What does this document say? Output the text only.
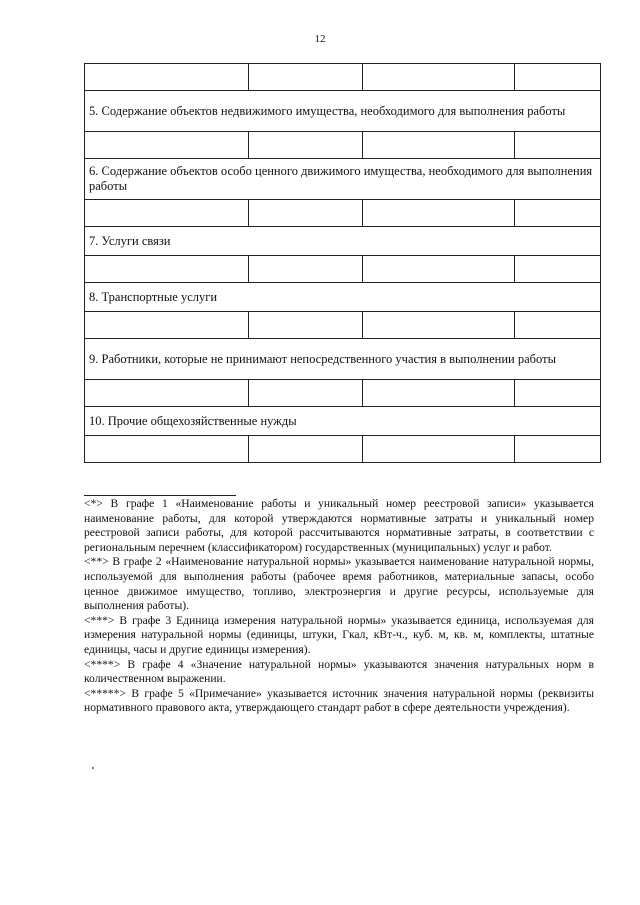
12

5. Содержание объектов недвижимого имущества, необходимого для выполнения работы			

6. Содержание объектов особо ценного движимого имущества, необходимого для выполнения работы			

7. Услуги связи			

8. Транспортные услуги			

9. Работники, которые не принимают непосредственного участия в выполнении работы			

10. Прочие общехозяйственные нужды			

<*> В графе 1 «Наименование работы и уникальный номер реестровой записи» указывается наименование работы, для которой утверждаются нормативные затраты и уникальный номер реестровой записи работы, для которой рассчитываются нормативные затраты, в соответствии с региональным перечнем (классификатором) государственных (муниципальных) услуг и работ.

<**> В графе 2 «Наименование натуральной нормы» указывается наименование натуральной нормы, используемой для выполнения работы (рабочее время работников, материальные запасы, особо ценное движимое имущество, топливо, электроэнергия и другие ресурсы, используемые для выполнения работы).

<***> В графе 3 Единица измерения натуральной нормы» указывается единица, используемая для измерения натуральной нормы (единицы, штуки, Гкал, кВт-ч., куб. м, кв. м, комплекты, штатные единицы, часы и другие единицы измерения).

<****> В графе 4 «Значение натуральной нормы» указываются значения натуральных норм в количественном выражении.

<*****> В графе 5 «Примечание» указывается источник значения натуральной нормы (реквизиты нормативного правового акта, утверждающего стандарт работ в сфере деятельности учреждения).
